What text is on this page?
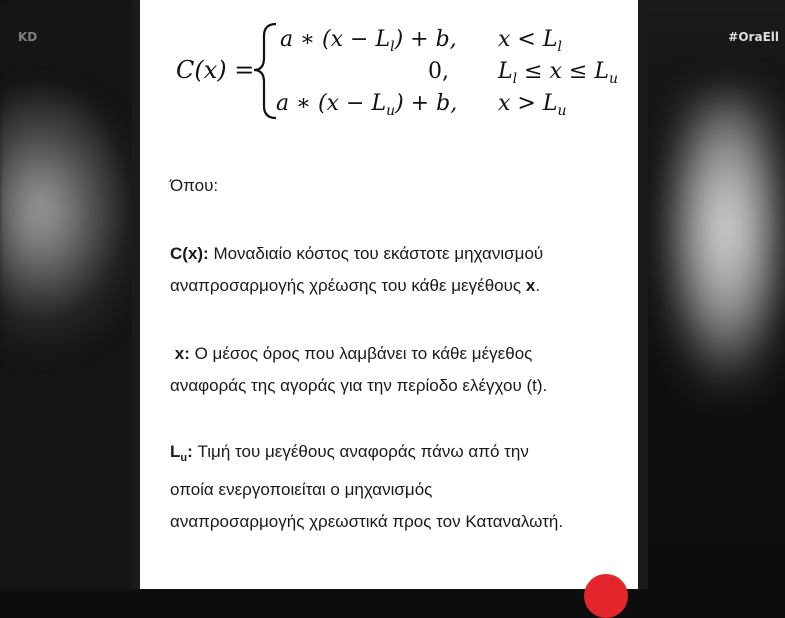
KD	#OraEll
C(x) =
a ∗ $(x - L_l) + b$, $x < L_l$
0, $L_l \le x \le L_u$
a ∗ $(x - L_u) + b$, $x > L_u$

Όπου:

C(x): Μοναδιαίο κόστος του εκάστοτε μηχανισμού
αναπροσαρμογής χρέωσης του κάθε μεγέθους x.

x: Ο μέσος όρος που λαμβάνει το κάθε μέγεθος
αναφοράς της αγοράς για την περίοδο ελέγχου (t).

$L_u$: Τιμή του μεγέθους αναφοράς πάνω από την
οποία ενεργοποιείται ο μηχανισμός
αναπροσαρμογής χρεωστικά προς τον Καταναλωτή.
